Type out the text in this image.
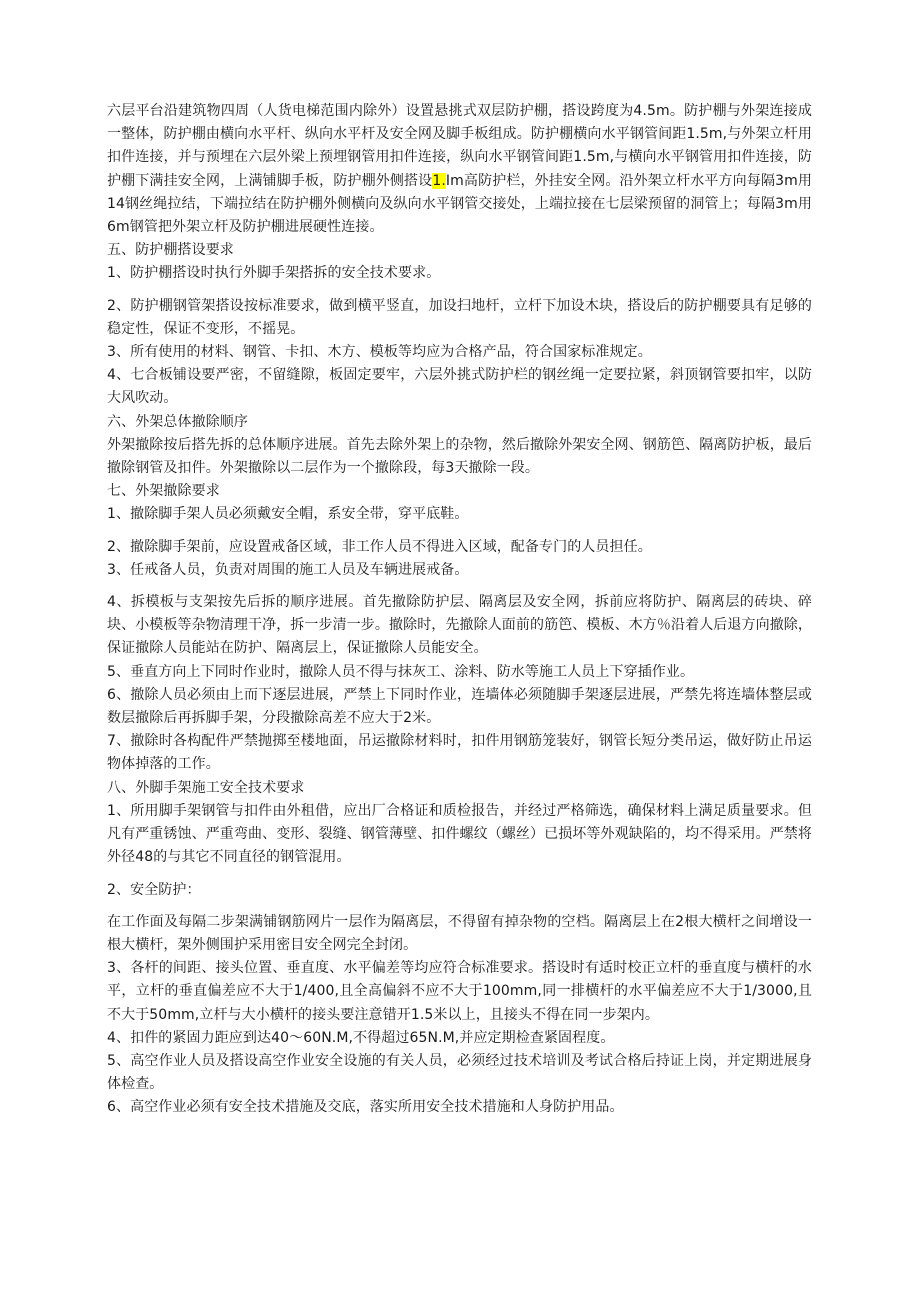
六层平台沿建筑物四周（人货电梯范围内除外）设置悬挑式双层防护棚，搭设跨度为4.5m。防护棚与外架连接成一整体，防护棚由横向水平杆、纵向水平杆及安全网及脚手板组成。防护棚横向水平钢管间距1.5m,与外架立杆用扣件连接，并与预埋在六层外梁上预埋钢管用扣件连接，纵向水平钢管间距1.5m,与横向水平钢管用扣件连接，防护棚下满挂安全网，上满铺脚手板，防护棚外侧搭设1.Im高防护栏，外挂安全网。沿外架立杆水平方向每隔3m用14钢丝绳拉结，下端拉结在防护棚外侧横向及纵向水平钢管交接处，上端拉接在七层梁预留的洞管上；每隔3m用6m钢管把外架立杆及防护棚进展硬性连接。

五、防护棚搭设要求

1、防护棚搭设时执行外脚手架搭拆的安全技术要求。

2、防护棚钢管架搭设按标准要求，做到横平竖直，加设扫地杆，立杆下加设木块，搭设后的防护棚要具有足够的稳定性，保证不变形，不摇晃。

3、所有使用的材料、钢管、卡扣、木方、模板等均应为合格产品，符合国家标准规定。

4、七合板铺设要严密，不留缝隙，板固定要牢，六层外挑式防护栏的钢丝绳一定要拉紧，斜顶钢管要扣牢，以防大风吹动。

六、外架总体撤除顺序

外架撤除按后搭先拆的总体顺序进展。首先去除外架上的杂物，然后撤除外架安全网、钢筋笆、隔离防护板，最后撤除钢管及扣件。外架撤除以二层作为一个撤除段，每3天撤除一段。

七、外架撤除要求

1、撤除脚手架人员必须戴安全帽，系安全带，穿平底鞋。

2、撤除脚手架前，应设置戒备区域，非工作人员不得进入区域，配备专门的人员担任。

3、任戒备人员，负责对周围的施工人员及车辆进展戒备。

4、拆模板与支架按先后拆的顺序进展。首先撤除防护层、隔离层及安全网，拆前应将防护、隔离层的砖块、碎块、小模板等杂物清理干净，拆一步清一步。撤除时，先撤除人面前的筋笆、模板、木方％沿着人后退方向撤除，保证撤除人员能站在防护、隔离层上，保证撤除人员能安全。

5、垂直方向上下同时作业时，撤除人员不得与抹灰工、涂料、防水等施工人员上下穿插作业。

6、撤除人员必须由上而下逐层进展，严禁上下同时作业，连墙体必须随脚手架逐层进展，严禁先将连墙体整层或数层撤除后再拆脚手架，分段撤除高差不应大于2米。

7、撤除时各构配件严禁抛掷至楼地面，吊运撤除材料时，扣件用钢筋笼装好，钢管长短分类吊运，做好防止吊运物体掉落的工作。

八、外脚手架施工安全技术要求

1、所用脚手架钢管与扣件由外租借，应出厂合格证和质检报告，并经过严格筛选，确保材料上满足质量要求。但凡有严重锈蚀、严重弯曲、变形、裂缝、钢管薄壁、扣件螺纹（螺丝）已损坏等外观缺陷的，均不得采用。严禁将外径48的与其它不同直径的钢管混用。

2、安全防护：

在工作面及每隔二步架满铺钢筋网片一层作为隔离层，不得留有掉杂物的空档。隔离层上在2根大横杆之间增设一根大横杆，架外侧围护采用密目安全网完全封闭。

3、各杆的间距、接头位置、垂直度、水平偏差等均应符合标准要求。搭设时有适时校正立杆的垂直度与横杆的水平，立杆的垂直偏差应不大于1/400,且全高偏斜不应不大于100mm,同一排横杆的水平偏差应不大于1/3000,且不大于50mm,立杆与大小横杆的接头要注意错开1.5米以上，且接头不得在同一步架内。

4、扣件的紧固力距应到达40～60N.M,不得超过65N.M,并应定期检查紧固程度。

5、高空作业人员及搭设高空作业安全设施的有关人员，必须经过技术培训及考试合格后持证上岗，并定期进展身体检查。

6、高空作业必须有安全技术措施及交底，落实所用安全技术措施和人身防护用品。
